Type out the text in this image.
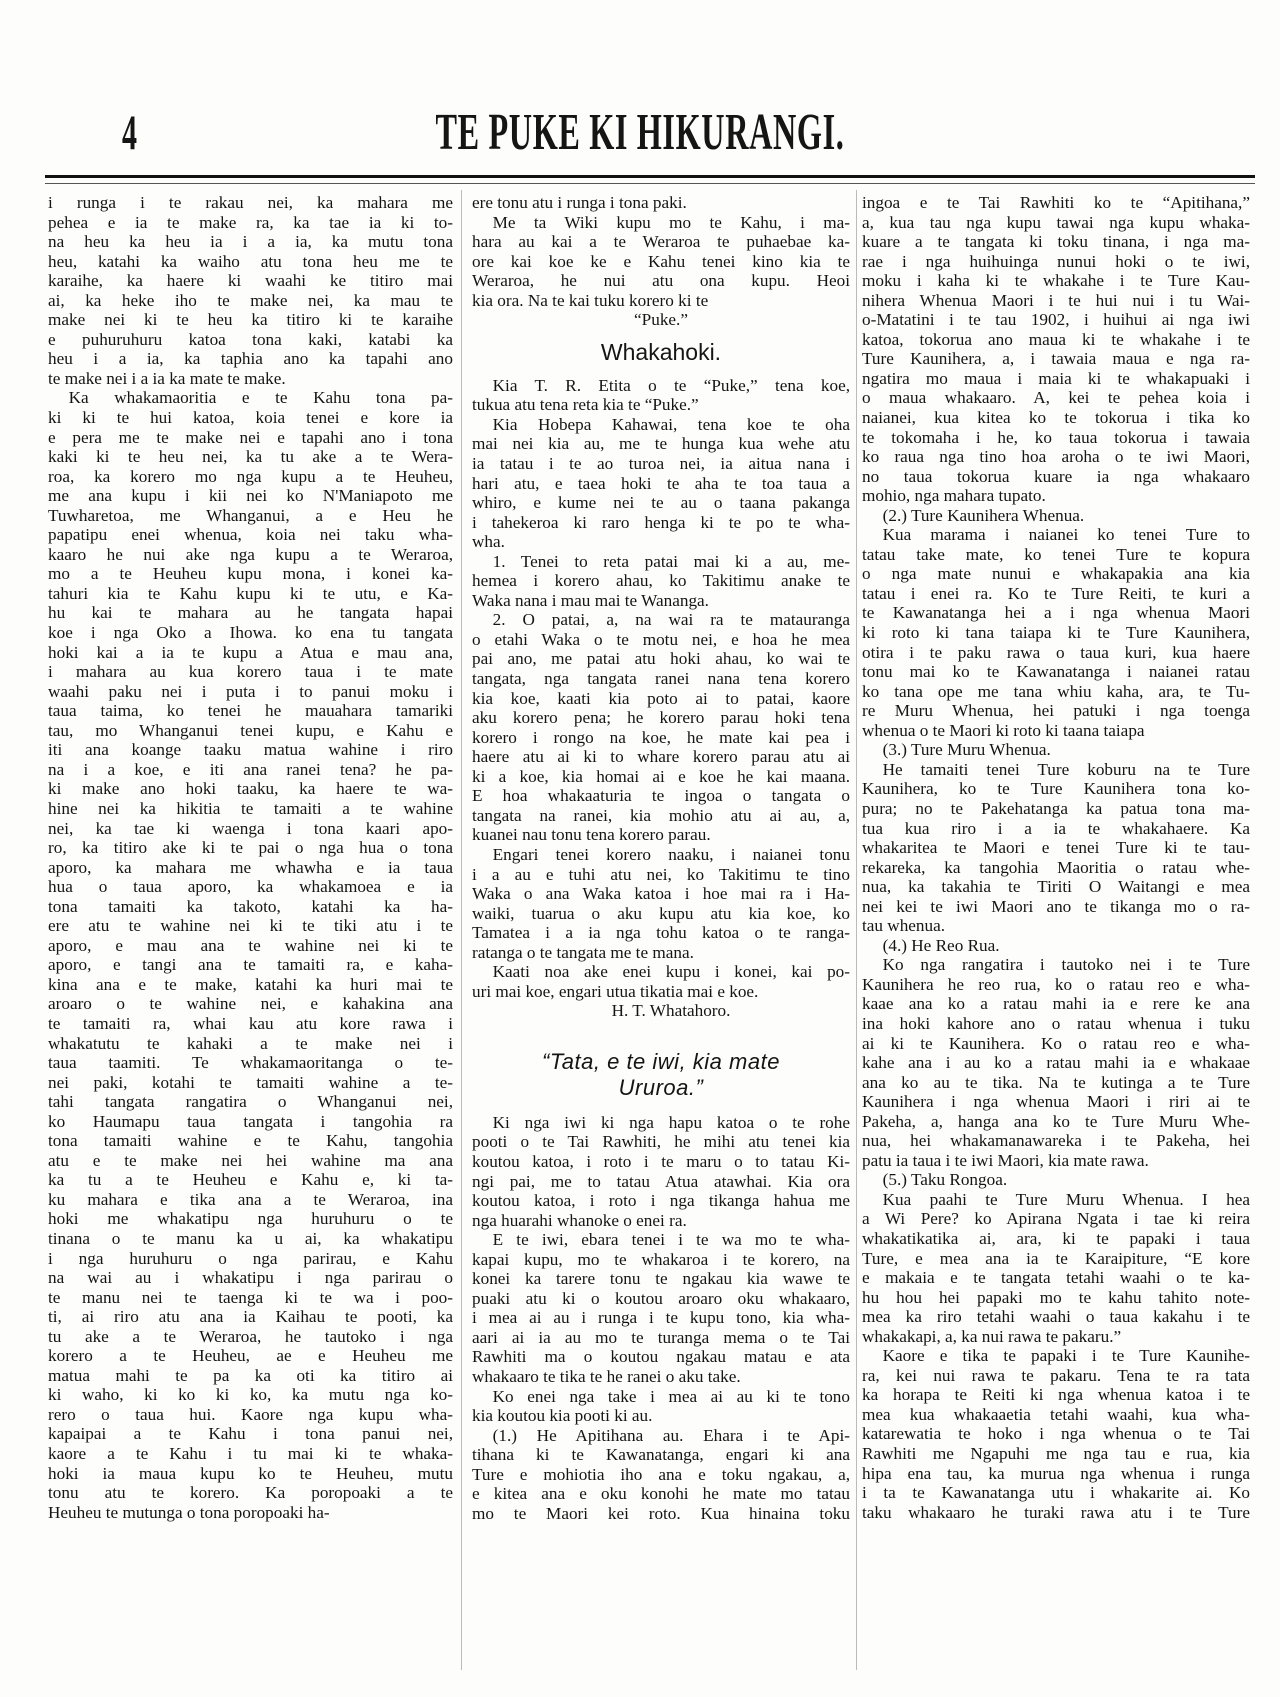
4	TE PUKE KI HIKURANGI.
i runga i te rakau nei, ka mahara me
pehea e ia te make ra, ka tae ia ki to-
na heu ka heu ia i a ia, ka mutu tona
heu, katahi ka waiho atu tona heu me te
karaihe, ka haere ki waahi ke titiro mai
ai, ka heke iho te make nei, ka mau te
make nei ki te heu ka titiro ki te karaihe
e puhuruhuru katoa tona kaki, katabi ka
heu i a ia, ka taphia ano ka tapahi ano
te make nei i a ia ka mate te make.
Ka whakamaoritia e te Kahu tona pa-
ki ki te hui katoa, koia tenei e kore ia
e pera me te make nei e tapahi ano i tona
kaki ki te heu nei, ka tu ake a te Wera-
roa, ka korero mo nga kupu a te Heuheu,
me ana kupu i kii nei ko N'Maniapoto me
Tuwharetoa, me Whanganui, a e Heu he
papatipu enei whenua, koia nei taku wha-
kaaro he nui ake nga kupu a te Weraroa,
mo a te Heuheu kupu mona, i konei ka-
tahuri kia te Kahu kupu ki te utu, e Ka-
hu kai te mahara au he tangata hapai
koe i nga Oko a Ihowa. ko ena tu tangata
hoki kai a ia te kupu a Atua e mau ana,
i mahara au kua korero taua i te mate
waahi paku nei i puta i to panui moku i
taua taima, ko tenei he mauahara tamariki
tau, mo Whanganui tenei kupu, e Kahu e
iti ana koange taaku matua wahine i riro
na i a koe, e iti ana ranei tena? he pa-
ki make ano hoki taaku, ka haere te wa-
hine nei ka hikitia te tamaiti a te wahine
nei, ka tae ki waenga i tona kaari apo-
ro, ka titiro ake ki te pai o nga hua o tona
aporo, ka mahara me whawha e ia taua
hua o taua aporo, ka whakamoea e ia
tona tamaiti ka takoto, katahi ka ha-
ere atu te wahine nei ki te tiki atu i te
aporo, e mau ana te wahine nei ki te
aporo, e tangi ana te tamaiti ra, e kaha-
kina ana e te make, katahi ka huri mai te
aroaro o te wahine nei, e kahakina ana
te tamaiti ra, whai kau atu kore rawa i
whakatutu te kahaki a te make nei i
taua taamiti. Te whakamaoritanga o te-
nei paki, kotahi te tamaiti wahine a te-
tahi tangata rangatira o Whanganui nei,
ko Haumapu taua tangata i tangohia ra
tona tamaiti wahine e te Kahu, tangohia
atu e te make nei hei wahine ma ana
ka tu a te Heuheu e Kahu e, ki ta-
ku mahara e tika ana a te Weraroa, ina
hoki me whakatipu nga huruhuru o te
tinana o te manu ka u ai, ka whakatipu
i nga huruhuru o nga parirau, e Kahu
na wai au i whakatipu i nga parirau o
te manu nei te taenga ki te wa i poo-
ti, ai riro atu ana ia Kaihau te pooti, ka
tu ake a te Weraroa, he tautoko i nga
korero a te Heuheu, ae e Heuheu me
matua mahi te pa ka oti ka titiro ai
ki waho, ki ko ki ko, ka mutu nga ko-
rero o taua hui. Kaore nga kupu wha-
kapaipai a te Kahu i tona panui nei,
kaore a te Kahu i tu mai ki te whaka-
hoki ia maua kupu ko te Heuheu, mutu
tonu atu te korero. Ka poropoaki a te
Heuheu te mutunga o tona poropoaki ha-
ere tonu atu i runga i tona paki.
Me ta Wiki kupu mo te Kahu, i ma-
hara au kai a te Weraroa te puhaebae ka-
ore kai koe ke e Kahu tenei kino kia te
Weraroa, he nui atu ona kupu. Heoi
kia ora. Na te kai tuku korero ki te
“Puke.”
Whakahoki.
Kia T. R. Etita o te “Puke,” tena koe,
tukua atu tena reta kia te “Puke.”
Kia Hobepa Kahawai, tena koe te oha
mai nei kia au, me te hunga kua wehe atu
ia tatau i te ao turoa nei, ia aitua nana i
hari atu, e taea hoki te aha te toa taua a
whiro, e kume nei te au o taana pakanga
i tahekeroa ki raro henga ki te po te wha-
wha.
1. Tenei to reta patai mai ki a au, me-
hemea i korero ahau, ko Takitimu anake te
Waka nana i mau mai te Wananga.
2. O patai, a, na wai ra te matauranga
o etahi Waka o te motu nei, e hoa he mea
pai ano, me patai atu hoki ahau, ko wai te
tangata, nga tangata ranei nana tena korero
kia koe, kaati kia poto ai to patai, kaore
aku korero pena; he korero parau hoki tena
korero i rongo na koe, he mate kai pea i
haere atu ai ki to whare korero parau atu ai
ki a koe, kia homai ai e koe he kai maana.
E hoa whakaaturia te ingoa o tangata o
tangata na ranei, kia mohio atu ai au, a,
kuanei nau tonu tena korero parau.
Engari tenei korero naaku, i naianei tonu
i a au e tuhi atu nei, ko Takitimu te tino
Waka o ana Waka katoa i hoe mai ra i Ha-
waiki, tuarua o aku kupu atu kia koe, ko
Tamatea i a ia nga tohu katoa o te ranga-
ratanga o te tangata me te mana.
Kaati noa ake enei kupu i konei, kai po-
uri mai koe, engari utua tikatia mai e koe.
H. T. Whatahoro.
“Tata, e te iwi, kia mate
Ururoa.”
Ki nga iwi ki nga hapu katoa o te rohe
pooti o te Tai Rawhiti, he mihi atu tenei kia
koutou katoa, i roto i te maru o to tatau Ki-
ngi pai, me to tatau Atua atawhai. Kia ora
koutou katoa, i roto i nga tikanga hahua me
nga huarahi whanoke o enei ra.
E te iwi, ebara tenei i te wa mo te wha-
kapai kupu, mo te whakaroa i te korero, na
konei ka tarere tonu te ngakau kia wawe te
puaki atu ki o koutou aroaro oku whakaaro,
i mea ai au i runga i te kupu tono, kia wha-
aari ai ia au mo te turanga mema o te Tai
Rawhiti ma o koutou ngakau matau e ata
whakaaro te tika te he ranei o aku take.
Ko enei nga take i mea ai au ki te tono
kia koutou kia pooti ki au.
(1.) He Apitihana au. Ehara i te Api-
tihana ki te Kawanatanga, engari ki ana
Ture e mohiotia iho ana e toku ngakau, a,
e kitea ana e oku konohi he mate mo tatau
mo te Maori kei roto. Kua hinaina toku
ingoa e te Tai Rawhiti ko te “Apitihana,”
a, kua tau nga kupu tawai nga kupu whaka-
kuare a te tangata ki toku tinana, i nga ma-
rae i nga huihuinga nunui hoki o te iwi,
moku i kaha ki te whakahe i te Ture Kau-
nihera Whenua Maori i te hui nui i tu Wai-
o-Matatini i te tau 1902, i huihui ai nga iwi
katoa, tokorua ano maua ki te whakahe i te
Ture Kaunihera, a, i tawaia maua e nga ra-
ngatira mo maua i maia ki te whakapuaki i
o maua whakaaro. A, kei te pehea koia i
naianei, kua kitea ko te tokorua i tika ko
te tokomaha i he, ko taua tokorua i tawaia
ko raua nga tino hoa aroha o te iwi Maori,
no taua tokorua kuare ia nga whakaaro
mohio, nga mahara tupato.
(2.) Ture Kaunihera Whenua.
Kua marama i naianei ko tenei Ture to
tatau take mate, ko tenei Ture te kopura
o nga mate nunui e whakapakia ana kia
tatau i enei ra. Ko te Ture Reiti, te kuri a
te Kawanatanga hei a i nga whenua Maori
ki roto ki tana taiapa ki te Ture Kaunihera,
otira i te paku rawa o taua kuri, kua haere
tonu mai ko te Kawanatanga i naianei ratau
ko tana ope me tana whiu kaha, ara, te Tu-
re Muru Whenua, hei patuki i nga toenga
whenua o te Maori ki roto ki taana taiapa
(3.) Ture Muru Whenua.
He tamaiti tenei Ture koburu na te Ture
Kaunihera, ko te Ture Kaunihera tona ko-
pura; no te Pakehatanga ka patua tona ma-
tua kua riro i a ia te whakahaere. Ka
whakaritea te Maori e tenei Ture ki te tau-
rekareka, ka tangohia Maoritia o ratau whe-
nua, ka takahia te Tiriti O Waitangi e mea
nei kei te iwi Maori ano te tikanga mo o ra-
tau whenua.
(4.) He Reo Rua.
Ko nga rangatira i tautoko nei i te Ture
Kaunihera he reo rua, ko o ratau reo e wha-
kaae ana ko a ratau mahi ia e rere ke ana
ina hoki kahore ano o ratau whenua i tuku
ai ki te Kaunihera. Ko o ratau reo e wha-
kahe ana i au ko a ratau mahi ia e whakaae
ana ko au te tika. Na te kutinga a te Ture
Kaunihera i nga whenua Maori i riri ai te
Pakeha, a, hanga ana ko te Ture Muru Whe-
nua, hei whakamanawareka i te Pakeha, hei
patu ia taua i te iwi Maori, kia mate rawa.
(5.) Taku Rongoa.
Kua paahi te Ture Muru Whenua. I hea
a Wi Pere? ko Apirana Ngata i tae ki reira
whakatikatika ai, ara, ki te papaki i taua
Ture, e mea ana ia te Karaipiture, “E kore
e makaia e te tangata tetahi waahi o te ka-
hu hou hei papaki mo te kahu tahito note-
mea ka riro tetahi waahi o taua kakahu i te
whakakapi, a, ka nui rawa te pakaru.”
Kaore e tika te papaki i te Ture Kaunihe-
ra, kei nui rawa te pakaru. Tena te ra tata
ka horapa te Reiti ki nga whenua katoa i te
mea kua whakaaetia tetahi waahi, kua wha-
katarewatia te hoko i nga whenua o te Tai
Rawhiti me Ngapuhi me nga tau e rua, kia
hipa ena tau, ka murua nga whenua i runga
i ta te Kawanatanga utu i whakarite ai. Ko
taku whakaaro he turaki rawa atu i te Ture
